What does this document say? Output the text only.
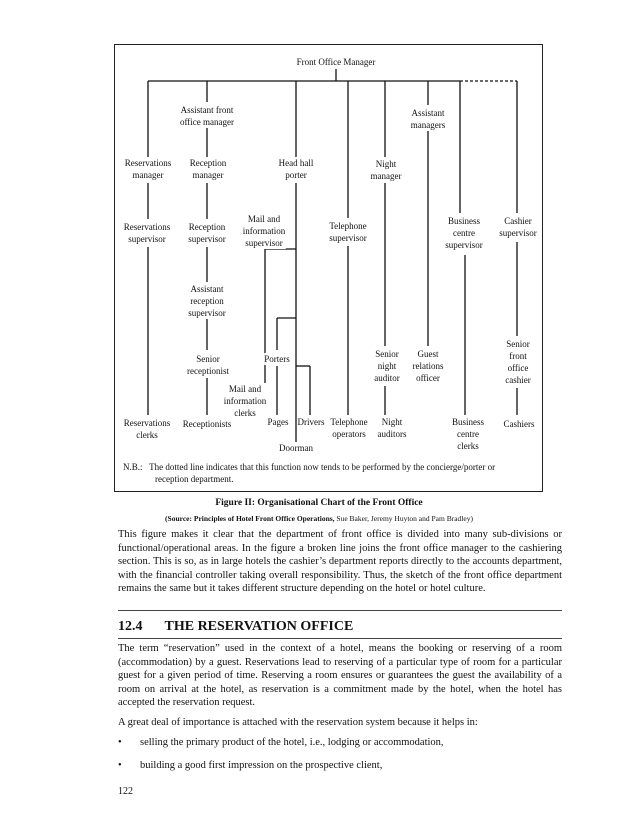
Front Office Manager
Assistant front
office manager
Assistant
managers
Reservations
manager
Reception
manager
Head hall
porter
Night
manager
Reservations
supervisor
Reception
supervisor
Mail and
information
supervisor
Telephone
supervisor
Business
centre
supervisor
Cashier
supervisor
Assistant
reception
supervisor
Senior
receptionist
Porters	Senior
night
auditor
Guest
relations
officer
Senior
front
office
cashier
Mail and
information
clerks
Reservations
clerks
Receptionists	Pages Drivers
Doorman
Telephone
operators
Night
auditors
Business
centre
clerks
Cashiers
N.B.:   The dotted line indicates that this function now tends to be performed by the concierge/porter or
reception department.
Figure II: Organisational Chart of the Front Office
(Source: Principles of Hotel Front Office Operations, Sue Baker, Jeremy Huyton and Pam Bradley)

This figure makes it clear that the department of front office is divided into many sub-divisions or functional/operational areas. In the figure a broken line joins the front office manager to the cashiering section. This is so, as in large hotels the cashier’s department reports directly to the accounts department, with the financial controller taking overall responsibility. Thus, the sketch of the front office department remains the same but it takes different structure depending on the hotel or hotel culture.

12.4 THE RESERVATION OFFICE

The term “reservation” used in the context of a hotel, means the booking or reserving of a room (accommodation) by a guest. Reservations lead to reserving of a particular type of room for a particular guest for a given period of time. Reserving a room ensures or guarantees the guest the availability of a room on arrival at the hotel, as reservation is a commitment made by the hotel, when the hotel has accepted the reservation request.

A great deal of importance is attached with the reservation system because it helps in:

• selling the primary product of the hotel, i.e., lodging or accommodation,
• building a good first impression on the prospective client,
122
